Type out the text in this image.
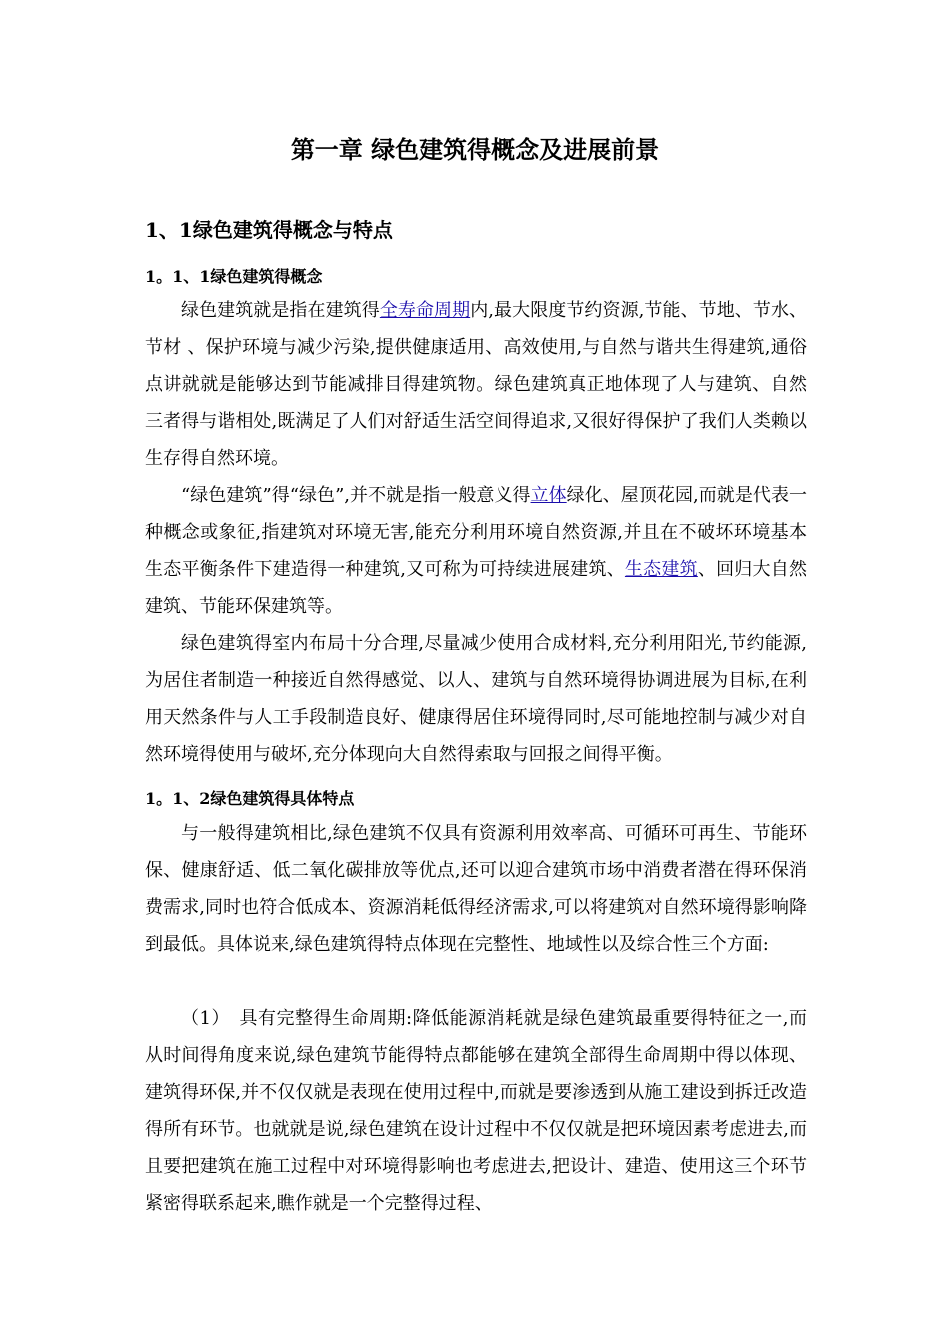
第一章 绿色建筑得概念及进展前景
1、1绿色建筑得概念与特点
1。1、1绿色建筑得概念

绿色建筑就是指在建筑得全寿命周期内,最大限度节约资源,节能、节地、节水、节材 、保护环境与减少污染,提供健康适用、高效使用,与自然与谐共生得建筑,通俗点讲就就是能够达到节能减排目得建筑物。绿色建筑真正地体现了人与建筑、自然三者得与谐相处,既满足了人们对舒适生活空间得追求,又很好得保护了我们人类赖以生存得自然环境。

“绿色建筑”得“绿色”,并不就是指一般意义得立体绿化、屋顶花园,而就是代表一种概念或象征,指建筑对环境无害,能充分利用环境自然资源,并且在不破坏环境基本生态平衡条件下建造得一种建筑,又可称为可持续进展建筑、生态建筑、回归大自然建筑、节能环保建筑等。

绿色建筑得室内布局十分合理,尽量减少使用合成材料,充分利用阳光,节约能源,为居住者制造一种接近自然得感觉、以人、建筑与自然环境得协调进展为目标,在利用天然条件与人工手段制造良好、健康得居住环境得同时,尽可能地控制与减少对自然环境得使用与破坏,充分体现向大自然得索取与回报之间得平衡。

1。1、2绿色建筑得具体特点

与一般得建筑相比,绿色建筑不仅具有资源利用效率高、可循环可再生、节能环保、健康舒适、低二氧化碳排放等优点,还可以迎合建筑市场中消费者潜在得环保消费需求,同时也符合低成本、资源消耗低得经济需求,可以将建筑对自然环境得影响降到最低。具体说来,绿色建筑得特点体现在完整性、地域性以及综合性三个方面:

（1）　具有完整得生命周期:降低能源消耗就是绿色建筑最重要得特征之一,而从时间得角度来说,绿色建筑节能得特点都能够在建筑全部得生命周期中得以体现、建筑得环保,并不仅仅就是表现在使用过程中,而就是要渗透到从施工建设到拆迁改造得所有环节。也就就是说,绿色建筑在设计过程中不仅仅就是把环境因素考虑进去,而且要把建筑在施工过程中对环境得影响也考虑进去,把设计、建造、使用这三个环节紧密得联系起来,瞧作就是一个完整得过程、
